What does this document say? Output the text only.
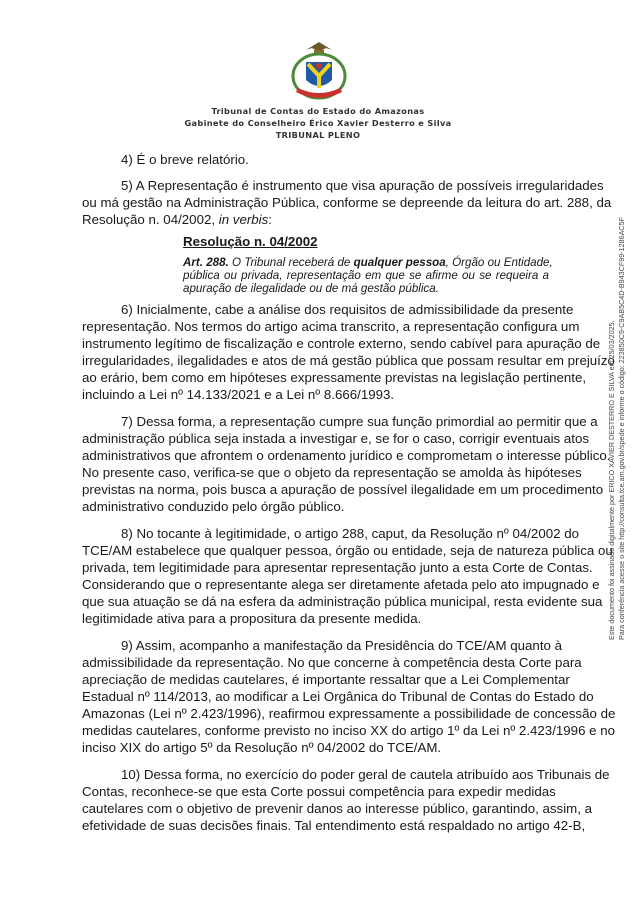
Tribunal de Contas do Estado do Amazonas
Gabinete do Conselheiro Érico Xavier Desterro e Silva
TRIBUNAL PLENO
4) É o breve relatório.
5) A Representação é instrumento que visa apuração de possíveis irregularidades
ou má gestão na Administração Pública, conforme se depreende da leitura do art. 288, da
Resolução n. 04/2002, in verbis:
Resolução n. 04/2002
Art. 288. O Tribunal receberá de qualquer pessoa, Órgão ou Entidade,
pública ou privada, representação em que se afirme ou se requeira a
apuração de ilegalidade ou de má gestão pública.
6) Inicialmente, cabe a análise dos requisitos de admissibilidade da presente
representação. Nos termos do artigo acima transcrito, a representação configura um
instrumento legítimo de fiscalização e controle externo, sendo cabível para apuração de
irregularidades, ilegalidades e atos de má gestão pública que possam resultar em prejuízo
ao erário, bem como em hipóteses expressamente previstas na legislação pertinente,
incluindo a Lei nº 14.133/2021 e a Lei nº 8.666/1993.
7) Dessa forma, a representação cumpre sua função primordial ao permitir que a
administração pública seja instada a investigar e, se for o caso, corrigir eventuais atos
administrativos que afrontem o ordenamento jurídico e comprometam o interesse público.
No presente caso, verifica-se que o objeto da representação se amolda às hipóteses
previstas na norma, pois busca a apuração de possível ilegalidade em um procedimento
administrativo conduzido pelo órgão público.
8) No tocante à legitimidade, o artigo 288, caput, da Resolução nº 04/2002 do
TCE/AM estabelece que qualquer pessoa, órgão ou entidade, seja de natureza pública ou
privada, tem legitimidade para apresentar representação junto a esta Corte de Contas.
Considerando que o representante alega ser diretamente afetada pelo ato impugnado e
que sua atuação se dá na esfera da administração pública municipal, resta evidente sua
legitimidade ativa para a propositura da presente medida.
9) Assim, acompanho a manifestação da Presidência do TCE/AM quanto à
admissibilidade da representação. No que concerne à competência desta Corte para
apreciação de medidas cautelares, é importante ressaltar que a Lei Complementar
Estadual nº 114/2013, ao modificar a Lei Orgânica do Tribunal de Contas do Estado do
Amazonas (Lei nº 2.423/1996), reafirmou expressamente a possibilidade de concessão de
medidas cautelares, conforme previsto no inciso XX do artigo 1º da Lei nº 2.423/1996 e no
inciso XIX do artigo 5º da Resolução nº 04/2002 do TCE/AM.
10) Dessa forma, no exercício do poder geral de cautela atribuído aos Tribunais de
Contas, reconhece-se que esta Corte possui competência para expedir medidas
cautelares com o objetivo de prevenir danos ao interesse público, garantindo, assim, a
efetividade de suas decisões finais. Tal entendimento está respaldado no artigo 42-B,
Este documento foi assinado digitalmente por ERICO XAVIER DESTERRO E SILVA em 25/03/2025. Para conferência acesse o site http://consulta.tce.am.gov.br/spede e informe o código: 223850C9-C9AB5C4D-B943CF99-1286AC5F
